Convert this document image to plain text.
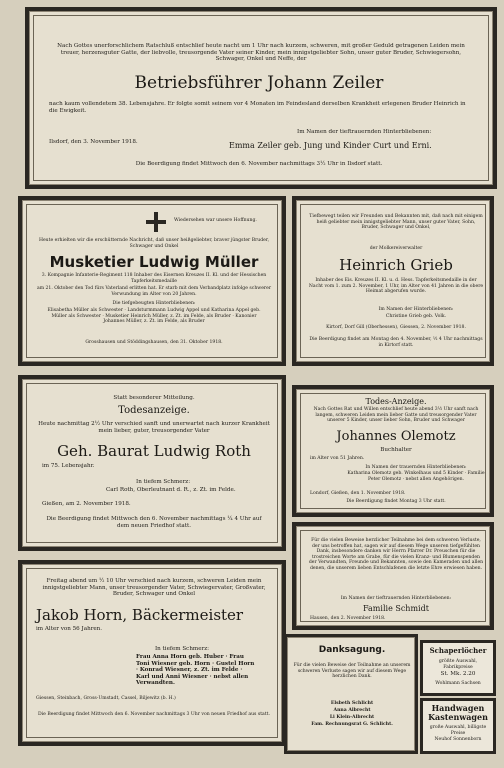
Nach Gottes unerforschlichem Ratschluß entschlief heute nacht um 1 Uhr nach kurzem, schweren, mit großer Geduld getragenen Leiden mein treuer, herzensguter Gatte, der liebvolle, treusorgende Vater seiner Kinder, mein innigstgeliebter Sohn, unser guter Bruder, Schwiegersohn, Schwager, Onkel und Neffe, der
Betriebsführer Johann Zeiler
nach kaum vollendetem 38. Lebensjahre. Er folgte somit seinem vor 4 Monaten im Feindesland derselben Krankheit erlegenen Bruder Heinrich in die Ewigkeit.
Im Namen der tieftrauernden Hinterbliebenen:
Ilsdorf, den 3. November 1918.	Emma Zeiler geb. Jung und Kinder Curt und Erni.
Die Beerdigung findet Mittwoch den 6. November nachmittags 3½ Uhr in Ilsdorf statt.
Wiedersehen war unsere Hoffnung.
Heute erhielten wir die erschütternde Nachricht, daß unser heißgeliebter, braver jüngster Bruder, Schwager und Onkel
Musketier Ludwig Müller
3. Kompagnie Infanterie-Regiment 118 Inhaber des Eisernen Kreuzes II. Kl. und der Hessischen Tapferkeitsmedaille
am 21. Oktober den Tod fürs Vaterland erlitten hat. Er starb mit dem Verbandplatz infolge schwerer Verwundung im Alter von 20 Jahren.
Die tiefgebeugten Hinterbliebenen:
Elisabetha Müller als Schwester · Landsturmmann Ludwig Appel und Katharina Appel geb. Müller als Schwester · Musketier Heinrich Müller, z. Zt. im Felde, als Bruder · Kanonier Johannes Müller, z. Zt. im Felde, als Bruder
Grosshausen und Stöddingshausen, den 31. Oktober 1918.
Tiefbewegt teilen wir Freunden und Bekannten mit, daß nach mit einigem heiß geliebter mein innigstgeliebter Mann, unser guter Vater, Sohn, Bruder, Schwager und Onkel,
der Molkereiverwalter
Heinrich Grieb
Inhaber des Eis. Kreuzes II. Kl. u. d. Hess. Tapferkeitsmedaille in der Nacht vom 1. zum 2. November, 1 Uhr, im Alter von 41 Jahren in die obere Heimat abgerufen wurde.
Im Namen der Hinterbliebenen:
Christine Grieb geb. Volk.
Kirtorf, Dorf Gill (Oberhessen), Giessen, 2. November 1918.
Die Beerdigung findet am Montag den 4. November, ½ 4 Uhr nachmittags in Kirtorf statt.
Statt besonderer Mitteilung.
Todesanzeige.
Heute nachmittag 2½ Uhr verschied sanft und unerwartet nach kurzer Krankheit mein lieber, guter, treusorgender Vater
Geh. Baurat Ludwig Roth
im 75. Lebensjahr.
In tiefem Schmerz:
Carl Roth, Oberleutnant d. R., z. Zt. im Felde.
Gießen, am 2. November 1918.
Die Beerdigung findet Mittwoch den 6. November nachmittags ¼ 4 Uhr auf dem neuen Friedhof statt.
Todes-Anzeige.
Nach Gottes Rat und Willen entschlief heute abend 3½ Uhr sanft nach langem, schweren Leiden mein lieber Gatte und treusorgender Vater unserer 5 Kinder, unser lieber Sohn, Bruder und Schwager
Johannes Olemotz
Buchhalter
im Alter von 51 Jahren.
In Namen der trauernden Hinterbliebenen:
Katharina Olemotz geb. Winkelhaus und 5 Kinder · Familie Peter Olemotz · nebst allen Angehörigen.
Londorf, Gießen, den 1. November 1918.
Die Beerdigung findet Montag 3 Uhr statt.
Freitag abend um ½ 10 Uhr verschied nach kurzem, schweren Leiden mein innigstgeliebter Mann, unser treusorgender Vater, Schwiegervater, Großvater, Bruder, Schwager und Onkel
Jakob Horn, Bäckermeister
im Alter von 56 Jahren.
In tiefem Schmerz:
Frau Anna Horn geb. Huber · Frau Toni Wiesner geb. Horn · Gustel Horn · Konrad Wiesner, z. Zt. im Felde · Karl und Anni Wiesner · nebst allen Verwandten.
Giessen, Steinbach, Gross-Umstadt, Cassel, Biljewitz (b. H.)
Die Beerdigung findet Mittwoch den 6. November nachmittags 3 Uhr von neuen Friedhof aus statt.
Für die vielen Beweise herzlicher Teilnahme bei dem schweren Verluste, der uns betroffen hat, sagen wir auf diesem Wege unseren tiefgefühlten Dank, insbesondere danken wir Herrn Pfarrer Dr. Preuschen für die trostreichen Worte am Grabe, für die vielen Kranz- und Blumenspenden der Verwandten, Freunde und Bekannten, sowie den Kameraden und allen denen, die unserem lieben Entschlafenen die letzte Ehre erwiesen haben.
Im Namen der tieftrauernden Hinterbliebenen:
Familie Schmidt
Hausen, den 2. November 1918.
Danksagung.
Für die vielen Beweise der Teilnahme an unserem schweren Verluste sagen wir auf diesem Wege herzlichen Dank.
Elsbeth Schlicht
Anna Albrecht
Li Klein-Albrecht
Fam. Rechnungsrat G. Schlicht.
Schaperlöcher
größte Auswahl, Fabrikpreise
St. Mk. 2.20
Wohlmann Sachsen
Handwagen Kastenwagen
große Auswahl, billigste Preise
Neuhof Sonnenborn
